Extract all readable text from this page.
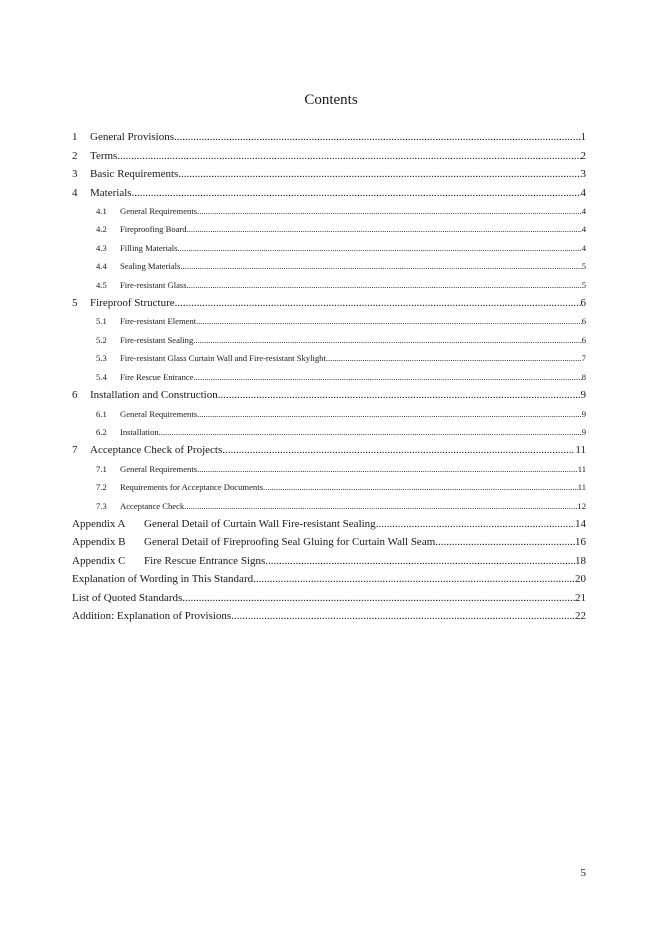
Contents
1	General Provisions .....	1
2	Terms .....	2
3	Basic Requirements .....	3
4	Materials .....	4
4.1	General Requirements .....	4
4.2	Fireproofing Board .....	4
4.3	Filling Materials .....	4
4.4	Sealing Materials .....	5
4.5	Fire-resistant Glass .....	5
5	Fireproof Structure .....	6
5.1	Fire-resistant Element .....	6
5.2	Fire-resistant Sealing .....	6
5.3	Fire-resistant Glass Curtain Wall and Fire-resistant Skylight .....	7
5.4	Fire Rescue Entrance .....	8
6	Installation and Construction .....	9
6.1	General Requirements .....	9
6.2	Installation .....	9
7	Acceptance Check of Projects .....	11
7.1	General Requirements .....	11
7.2	Requirements for Acceptance Documents .....	11
7.3	Acceptance Check .....	12
Appendix A	General Detail of Curtain Wall Fire-resistant Sealing .....	14
Appendix B	General Detail of Fireproofing Seal Gluing for Curtain Wall Seam .....	16
Appendix C	Fire Rescue Entrance Signs .....	18
Explanation of Wording in This Standard .....	20
List of Quoted Standards .....	21
Addition: Explanation of Provisions .....	22
5
